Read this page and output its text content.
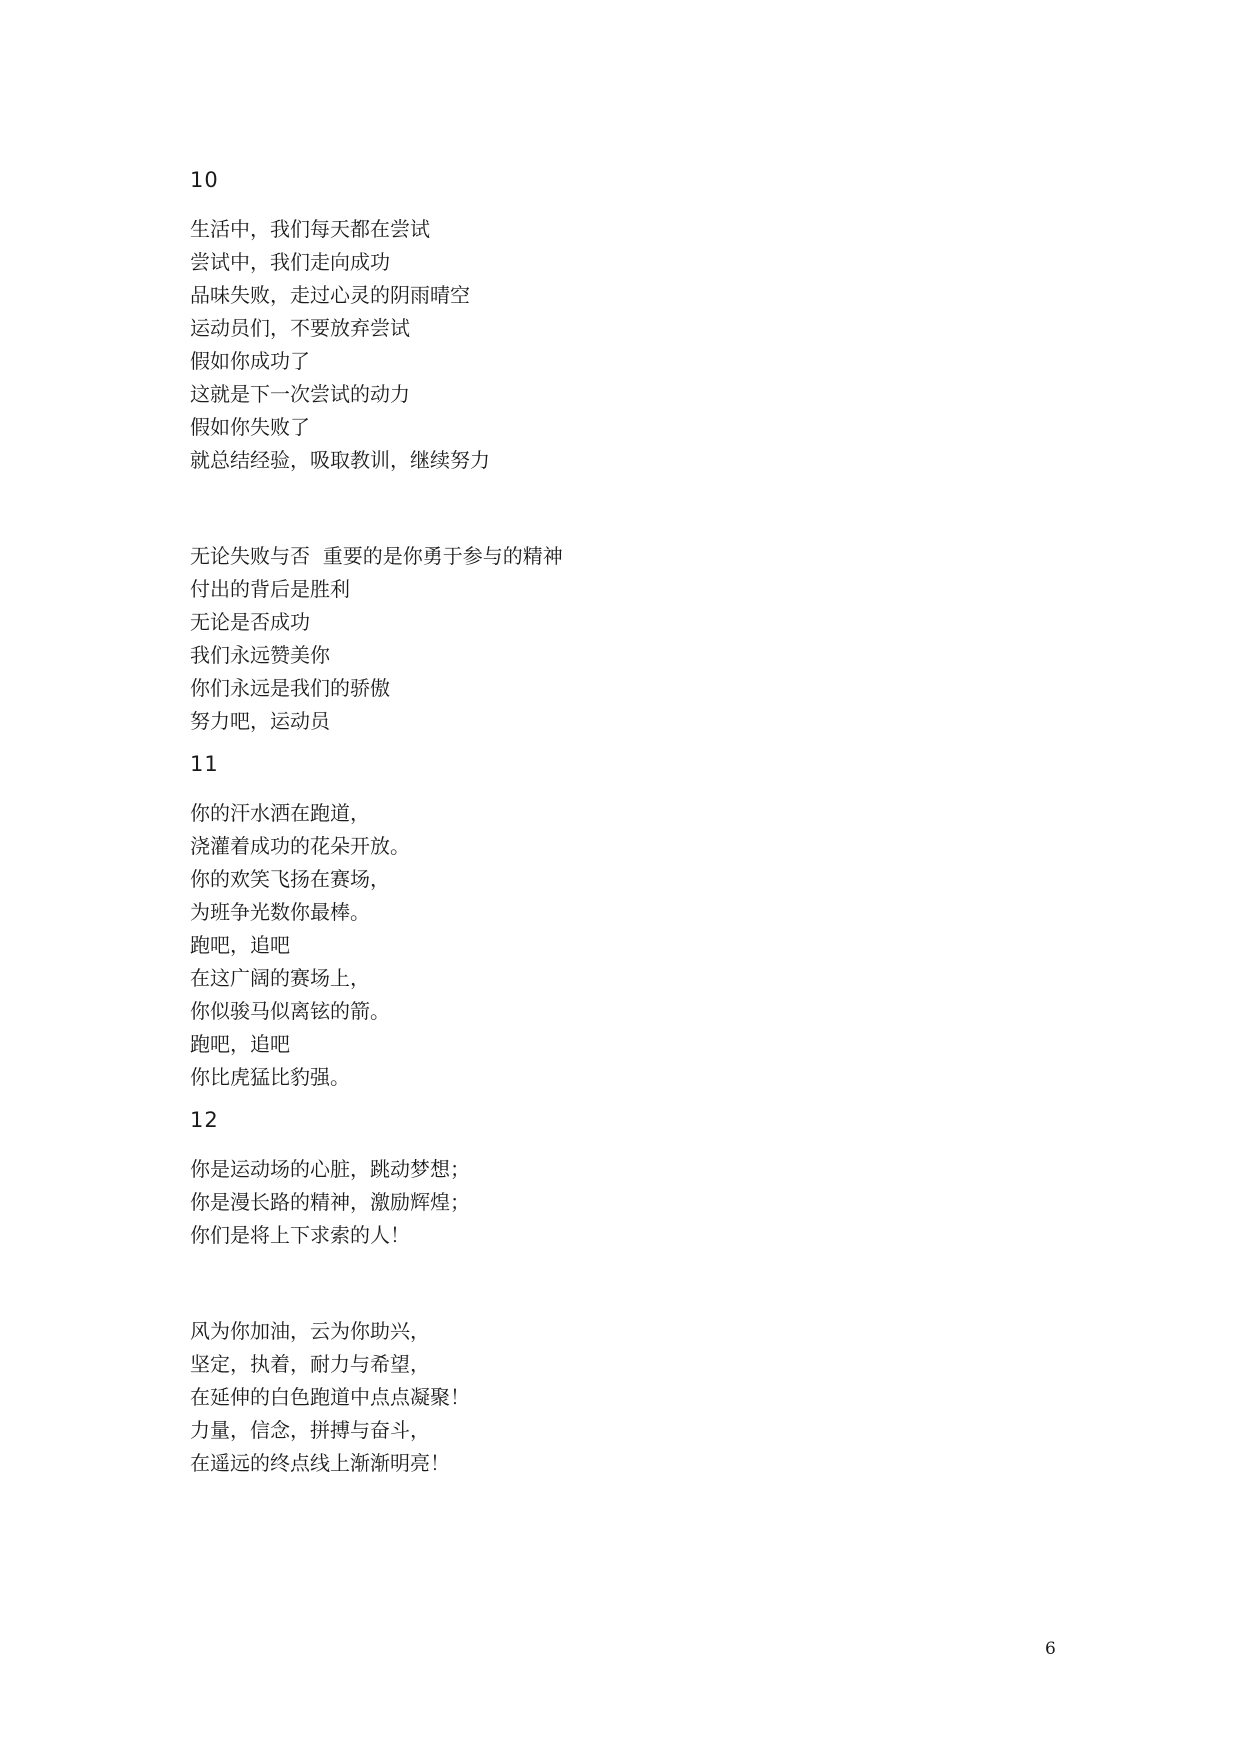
10
生活中，我们每天都在尝试
尝试中，我们走向成功
品味失败，走过心灵的阴雨晴空
运动员们，不要放弃尝试
假如你成功了
这就是下一次尝试的动力
假如你失败了
就总结经验，吸取教训，继续努力
无论失败与否  重要的是你勇于参与的精神
付出的背后是胜利
无论是否成功
我们永远赞美你
你们永远是我们的骄傲
努力吧，运动员
11
你的汗水洒在跑道，
浇灌着成功的花朵开放。
你的欢笑飞扬在赛场，
为班争光数你最棒。
跑吧，追吧
在这广阔的赛场上，
你似骏马似离铉的箭。
跑吧，追吧
你比虎猛比豹强。
12
你是运动场的心脏，跳动梦想；
你是漫长路的精神，激励辉煌；
你们是将上下求索的人！
风为你加油，云为你助兴，
坚定，执着，耐力与希望，
在延伸的白色跑道中点点凝聚！
力量，信念，拼搏与奋斗，
在遥远的终点线上渐渐明亮！
6
